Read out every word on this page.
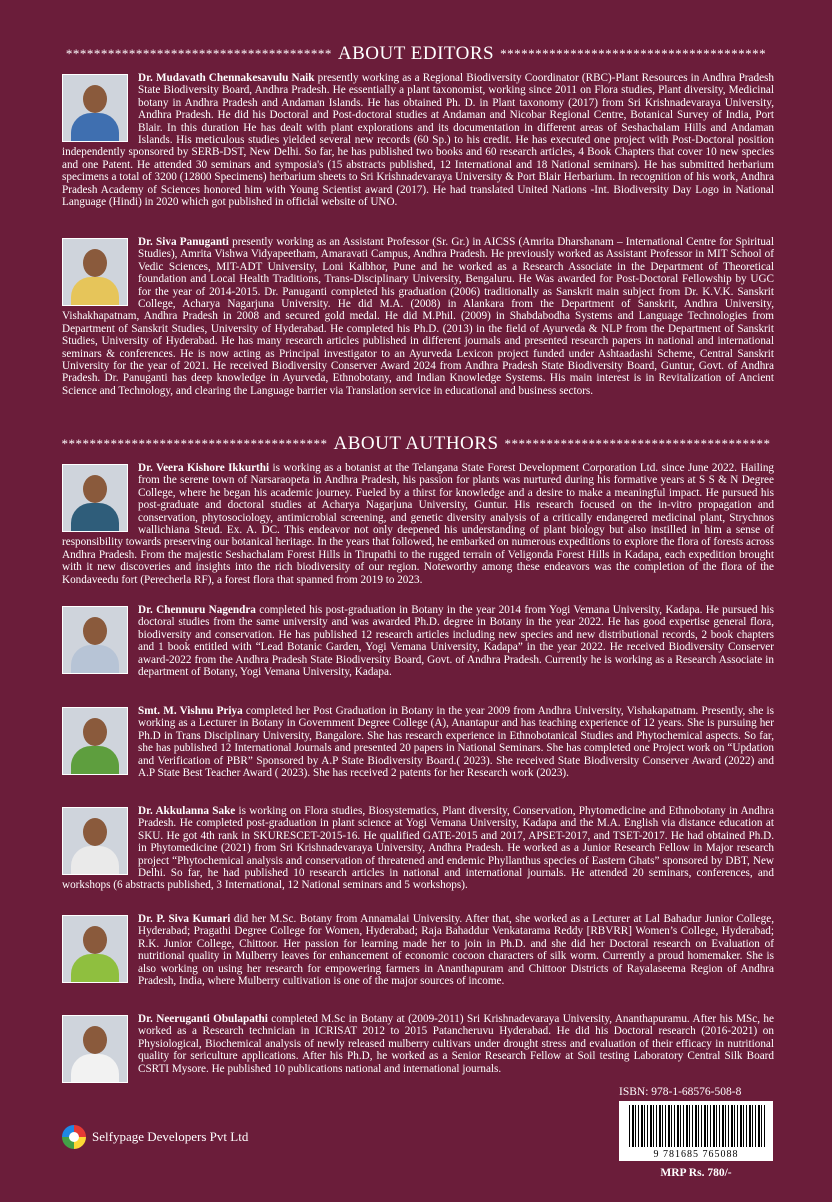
************************************** ABOUT EDITORS **************************************
Dr. Mudavath Chennakesavulu Naik presently working as a Regional Biodiversity Coordinator (RBC)-Plant Resources in Andhra Pradesh State Biodiversity Board, Andhra Pradesh. He essentially a plant taxonomist, working since 2011 on Flora studies, Plant diversity, Medicinal botany in Andhra Pradesh and Andaman Islands. He has obtained Ph. D. in Plant taxonomy (2017) from Sri Krishnadevaraya University, Andhra Pradesh. He did his Doctoral and Post-doctoral studies at Andaman and Nicobar Regional Centre, Botanical Survey of India, Port Blair. In this duration He has dealt with plant explorations and its documentation in different areas of Seshachalam Hills and Andaman Islands. His meticulous studies yielded several new records (60 Sp.) to his credit. He has executed one project with Post-Doctoral position independently sponsored by SERB-DST, New Delhi. So far, he has published two books and 60 research articles, 4 Book Chapters that cover 10 new species and one Patent. He attended 30 seminars and symposia's (15 abstracts published, 12 International and 18 National seminars). He has submitted herbarium specimens a total of 3200 (12800 Specimens) herbarium sheets to Sri Krishnadevaraya University & Port Blair Herbarium. In recognition of his work, Andhra Pradesh Academy of Sciences honored him with Young Scientist award (2017). He had translated United Nations -Int. Biodiversity Day Logo in National Language (Hindi) in 2020 which got published in official website of UNO.
Dr. Siva Panuganti presently working as an Assistant Professor (Sr. Gr.) in AICSS (Amrita Dharshanam – International Centre for Spiritual Studies), Amrita Vishwa Vidyapeetham, Amaravati Campus, Andhra Pradesh. He previously worked as Assistant Professor in MIT School of Vedic Sciences, MIT-ADT University, Loni Kalbhor, Pune and he worked as a Research Associate in the Department of Theoretical foundation and Local Health Traditions, Trans-Disciplinary University, Bengaluru. He Was awarded for Post-Doctoral Fellowship by UGC for the year of 2014-2015. Dr. Panuganti completed his graduation (2006) traditionally as Sanskrit main subject from Dr. K.V.K. Sanskrit College, Acharya Nagarjuna University. He did M.A. (2008) in Alankara from the Department of Sanskrit, Andhra University, Vishakhapatnam, Andhra Pradesh in 2008 and secured gold medal. He did M.Phil. (2009) in Shabdabodha Systems and Language Technologies from Department of Sanskrit Studies, University of Hyderabad. He completed his Ph.D. (2013) in the field of Ayurveda & NLP from the Department of Sanskrit Studies, University of Hyderabad. He has many research articles published in different journals and presented research papers in national and international seminars & conferences. He is now acting as Principal investigator to an Ayurveda Lexicon project funded under Ashtaadashi Scheme, Central Sanskrit University for the year of 2021. He received Biodiversity Conserver Award 2024 from Andhra Pradesh State Biodiversity Board, Guntur, Govt. of Andhra Pradesh. Dr. Panuganti has deep knowledge in Ayurveda, Ethnobotany, and Indian Knowledge Systems. His main interest is in Revitalization of Ancient Science and Technology, and clearing the Language barrier via Translation service in educational and business sectors.
************************************** ABOUT AUTHORS **************************************
Dr. Veera Kishore Ikkurthi is working as a botanist at the Telangana State Forest Development Corporation Ltd. since June 2022. Hailing from the serene town of Narsaraopeta in Andhra Pradesh, his passion for plants was nurtured during his formative years at S S & N Degree College, where he began his academic journey. Fueled by a thirst for knowledge and a desire to make a meaningful impact. He pursued his post-graduate and doctoral studies at Acharya Nagarjuna University, Guntur. His research focused on the in-vitro propagation and conservation, phytosociology, antimicrobial screening, and genetic diversity analysis of a critically endangered medicinal plant, Strychnos wallichiana Steud. Ex. A. DC. This endeavor not only deepened his understanding of plant biology but also instilled in him a sense of responsibility towards preserving our botanical heritage. In the years that followed, he embarked on numerous expeditions to explore the flora of forests across Andhra Pradesh. From the majestic Seshachalam Forest Hills in Tirupathi to the rugged terrain of Veligonda Forest Hills in Kadapa, each expedition brought with it new discoveries and insights into the rich biodiversity of our region. Noteworthy among these endeavors was the completion of the flora of the Kondaveedu fort (Perecherla RF), a forest flora that spanned from 2019 to 2023.
Dr. Chennuru Nagendra completed his post-graduation in Botany in the year 2014 from Yogi Vemana University, Kadapa. He pursued his doctoral studies from the same university and was awarded Ph.D. degree in Botany in the year 2022. He has good expertise general flora, biodiversity and conservation. He has published 12 research articles including new species and new distributional records, 2 book chapters and 1 book entitled with “Lead Botanic Garden, Yogi Vemana University, Kadapa” in the year 2022. He received Biodiversity Conserver award-2022 from the Andhra Pradesh State Biodiversity Board, Govt. of Andhra Pradesh. Currently he is working as a Research Associate in department of Botany, Yogi Vemana University, Kadapa.
Smt. M. Vishnu Priya completed her Post Graduation in Botany in the year 2009 from Andhra University, Vishakapatnam. Presently, she is working as a Lecturer in Botany in Government Degree College (A), Anantapur and has teaching experience of 12 years. She is pursuing her Ph.D in Trans Disciplinary University, Bangalore. She has research experience in Ethnobotanical Studies and Phytochemical aspects. So far, she has published 12 International Journals and presented 20 papers in National Seminars. She has completed one Project work on “Updation and Verification of PBR” Sponsored by A.P State Biodiversity Board.( 2023). She received State Biodiversity Conserver Award (2022) and A.P State Best Teacher Award ( 2023). She has received 2 patents for her Research work (2023).
Dr. Akkulanna Sake is working on Flora studies, Biosystematics, Plant diversity, Conservation, Phytomedicine and Ethnobotany in Andhra Pradesh. He completed post-graduation in plant science at Yogi Vemana University, Kadapa and the M.A. English via distance education at SKU. He got 4th rank in SKURESCET-2015-16. He qualified GATE-2015 and 2017, APSET-2017, and TSET-2017. He had obtained Ph.D. in Phytomedicine (2021) from Sri Krishnadevaraya University, Andhra Pradesh. He worked as a Junior Research Fellow in Major research project “Phytochemical analysis and conservation of threatened and endemic Phyllanthus species of Eastern Ghats” sponsored by DBT, New Delhi. So far, he had published 10 research articles in national and international journals. He attended 20 seminars, conferences, and workshops (6 abstracts published, 3 International, 12 National seminars and 5 workshops).
Dr. P. Siva Kumari did her M.Sc. Botany from Annamalai University. After that, she worked as a Lecturer at Lal Bahadur Junior College, Hyderabad; Pragathi Degree College for Women, Hyderabad; Raja Bahaddur Venkatarama Reddy [RBVRR] Women’s College, Hyderabad; R.K. Junior College, Chittoor. Her passion for learning made her to join in Ph.D. and she did her Doctoral research on Evaluation of nutritional quality in Mulberry leaves for enhancement of economic cocoon characters of silk worm. Currently a proud homemaker. She is also working on using her research for empowering farmers in Ananthapuram and Chittoor Districts of Rayalaseema Region of Andhra Pradesh, India, where Mulberry cultivation is one of the major sources of income.
Dr. Neeruganti Obulapathi completed M.Sc in Botany at (2009-2011) Sri Krishnadevaraya University, Ananthapuramu. After his MSc, he worked as a Research technician in ICRISAT 2012 to 2015 Patancheruvu Hyderabad. He did his Doctoral research (2016-2021) on Physiological, Biochemical analysis of newly released mulberry cultivars under drought stress and evaluation of their efficacy in nutritional quality for sericulture applications. After his Ph.D, he worked as a Senior Research Fellow at Soil testing Laboratory Central Silk Board CSRTI Mysore. He published 10 publications national and international journals.
ISBN: 978-1-68576-508-8
9 781685 765088
MRP Rs. 780/-
Selfypage Developers Pvt Ltd
